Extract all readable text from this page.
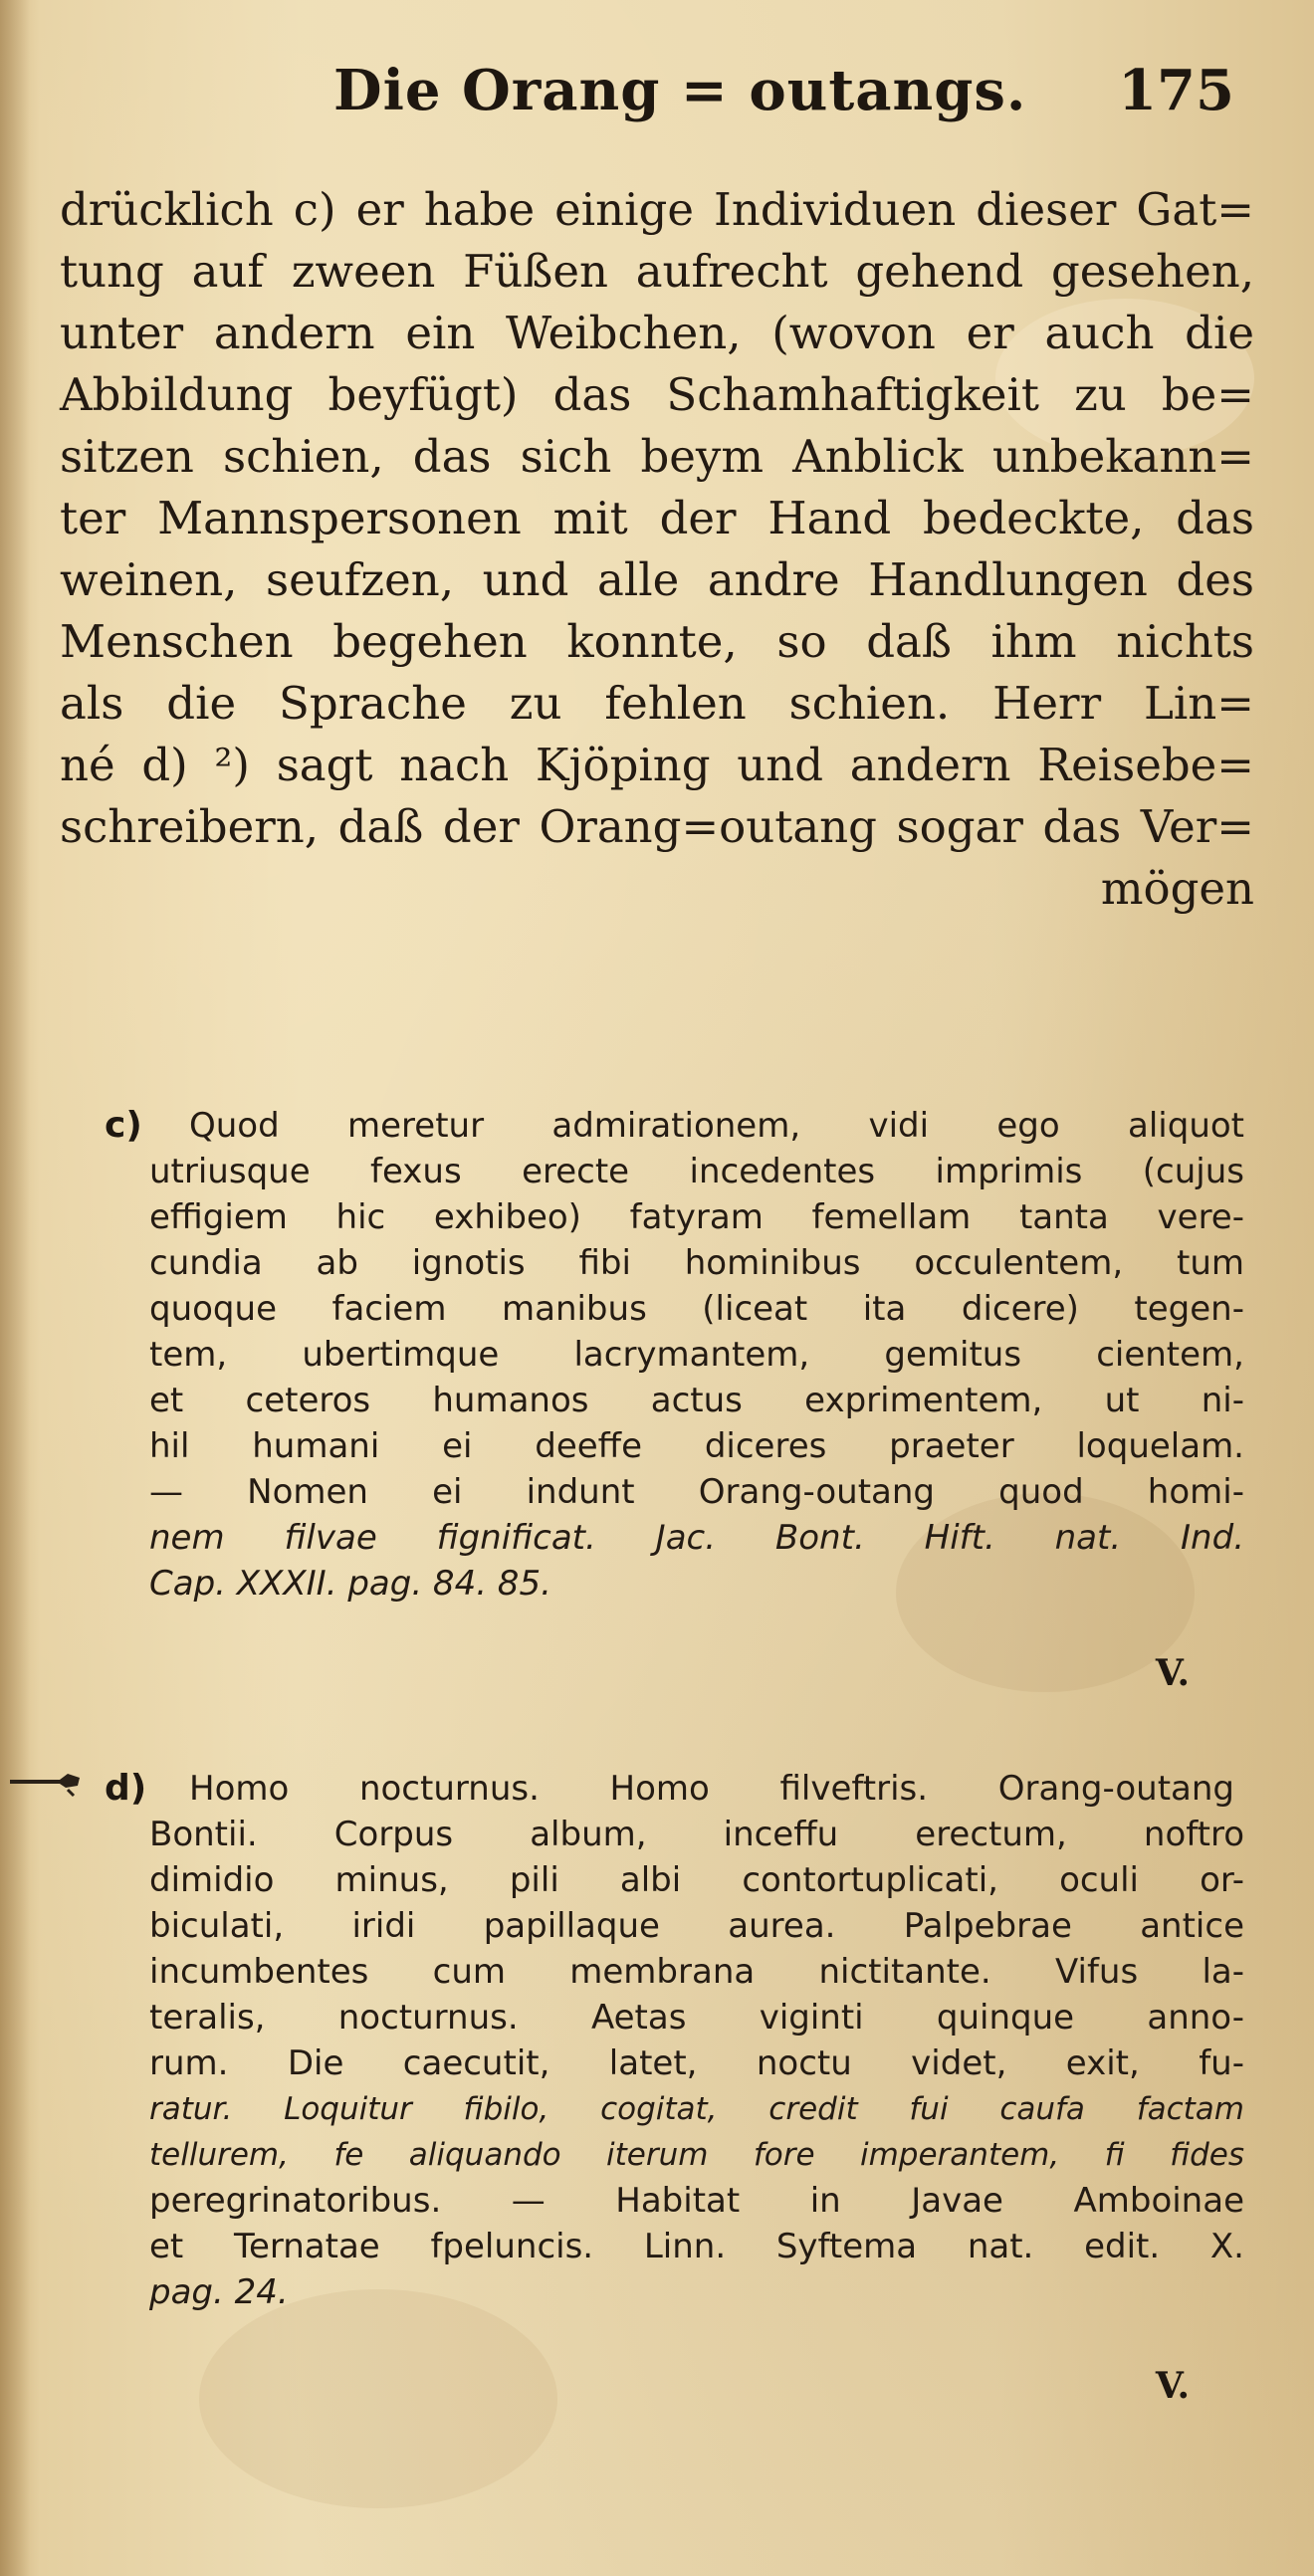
Die Orang = outangs. 175
drücklich c) er habe einige Individuen dieser Gat=
tung auf zween Füßen aufrecht gehend gesehen,
unter andern ein Weibchen, (wovon er auch die
Abbildung beyfügt) das Schamhaftigkeit zu be=
sitzen schien, das sich beym Anblick unbekann=
ter Mannspersonen mit der Hand bedeckte, das
weinen, seufzen, und alle andre Handlungen des
Menschen begehen konnte, so daß ihm nichts
als die Sprache zu fehlen schien. Herr Lin=
né d) ²) sagt nach Kjöping und andern Reisebe=
schreibern, daß der Orang=outang sogar das Ver=
mögen
c) Quod meretur admirationem, vidi ego aliquot
utriusque fexus erecte incedentes imprimis (cujus
effigiem hic exhibeo) fatyram femellam tanta vere-
cundia ab ignotis fibi hominibus occulentem, tum
quoque faciem manibus (liceat ita dicere) tegen-
tem, ubertimque lacrymantem, gemitus cientem,
et ceteros humanos actus exprimentem, ut ni-
hil humani ei deeffe diceres praeter loquelam.
— Nomen ei indunt Orang-outang quod homi-
nem filvae fignificat. Jac. Bont. Hift. nat. Ind.
Cap. XXXII. pag. 84. 85.
V.
d) Homo nocturnus. Homo filveftris. Orang-outang
Bontii. Corpus album, inceffu erectum, noftro
dimidio minus, pili albi contortuplicati, oculi or-
biculati, iridi papillaque aurea. Palpebrae antice
incumbentes cum membrana nictitante. Vifus la-
teralis, nocturnus. Aetas viginti quinque anno-
rum. Die caecutit, latet, noctu videt, exit, fu-
ratur. Loquitur fibilo, cogitat, credit fui caufa factam
tellurem, fe aliquando iterum fore imperantem, fi fides
peregrinatoribus. — Habitat in Javae Amboinae
et Ternatae fpeluncis. Linn. Syftema nat. edit. X.
pag. 24.
V.
